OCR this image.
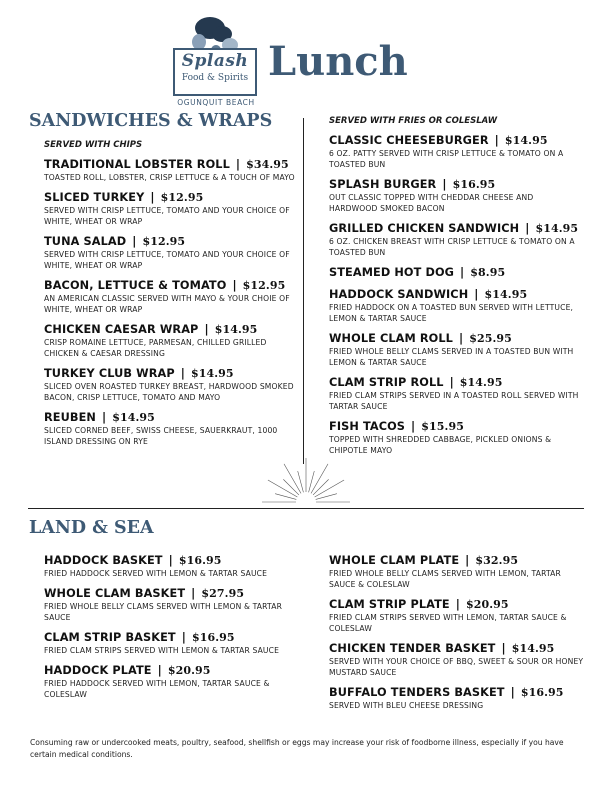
Splash
Food & Spirits
OGUNQUIT BEACH
Lunch
SANDWICHES & WRAPS
SERVED WITH CHIPS
TRADITIONAL LOBSTER ROLL | $34.95
TOASTED ROLL, LOBSTER, CRISP LETTUCE & A TOUCH OF MAYO
SLICED TURKEY | $12.95
SERVED WITH CRISP LETTUCE, TOMATO AND YOUR CHOICE OF WHITE, WHEAT OR WRAP
TUNA SALAD | $12.95
SERVED WITH CRISP LETTUCE, TOMATO AND YOUR CHOICE OF WHITE, WHEAT OR WRAP
BACON, LETTUCE & TOMATO | $12.95
AN AMERICAN CLASSIC SERVED WITH MAYO & YOUR CHOIE OF WHITE, WHEAT OR WRAP
CHICKEN CAESAR WRAP | $14.95
CRISP ROMAINE LETTUCE, PARMESAN, CHILLED GRILLED CHICKEN & CAESAR DRESSING
TURKEY CLUB WRAP | $14.95
SLICED OVEN ROASTED TURKEY BREAST, HARDWOOD SMOKED BACON, CRISP LETTUCE, TOMATO AND MAYO
REUBEN | $14.95
SLICED CORNED BEEF, SWISS CHEESE, SAUERKRAUT, 1000 ISLAND DRESSING ON RYE
SERVED WITH FRIES OR COLESLAW
CLASSIC CHEESEBURGER | $14.95
6 OZ. PATTY SERVED WITH CRISP LETTUCE & TOMATO ON A TOASTED BUN
SPLASH BURGER | $16.95
OUT CLASSIC TOPPED WITH CHEDDAR CHEESE AND HARDWOOD SMOKED BACON
GRILLED CHICKEN SANDWICH | $14.95
6 OZ. CHICKEN BREAST WITH CRISP LETTUCE & TOMATO ON A TOASTED BUN
STEAMED HOT DOG | $8.95
HADDOCK SANDWICH | $14.95
FRIED HADDOCK ON A TOASTED BUN SERVED WITH LETTUCE, LEMON & TARTAR SAUCE
WHOLE CLAM ROLL | $25.95
FRIED WHOLE BELLY CLAMS SERVED IN A TOASTED BUN WITH LEMON & TARTAR SAUCE
CLAM STRIP ROLL | $14.95
FRIED CLAM STRIPS SERVED IN A TOASTED ROLL SERVED WITH TARTAR SAUCE
FISH TACOS | $15.95
TOPPED WITH SHREDDED CABBAGE, PICKLED ONIONS & CHIPOTLE MAYO
LAND & SEA
HADDOCK BASKET | $16.95
FRIED HADDOCK SERVED WITH LEMON & TARTAR SAUCE
WHOLE CLAM BASKET | $27.95
FRIED WHOLE BELLY CLAMS SERVED WITH LEMON & TARTAR SAUCE
CLAM STRIP BASKET | $16.95
FRIED CLAM STRIPS SERVED WITH LEMON & TARTAR SAUCE
HADDOCK PLATE | $20.95
FRIED HADDOCK SERVED WITH LEMON, TARTAR SAUCE & COLESLAW
WHOLE CLAM PLATE | $32.95
FRIED WHOLE BELLY CLAMS SERVED WITH LEMON, TARTAR SAUCE & COLESLAW
CLAM STRIP PLATE | $20.95
FRIED CLAM STRIPS SERVED WITH LEMON, TARTAR SAUCE & COLESLAW
CHICKEN TENDER BASKET | $14.95
SERVED WITH YOUR CHOICE OF BBQ, SWEET & SOUR OR HONEY MUSTARD SAUCE
BUFFALO TENDERS BASKET | $16.95
SERVED WITH BLEU CHEESE DRESSING
Consuming raw or undercooked meats, poultry, seafood, shellfish or eggs may increase your risk of foodborne illness, especially if you have certain medical conditions.
